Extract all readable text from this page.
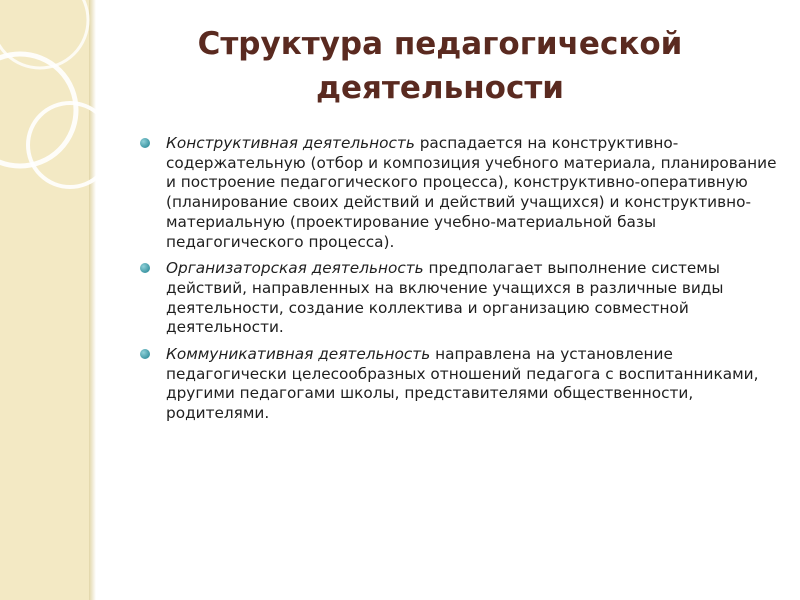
Структура педагогической деятельности
Конструктивная деятельность распадается на конструктивно-содержательную (отбор и композиция учебного материала, планирование и построение педагогического процесса), конструктивно-оперативную (планирование своих действий и действий учащихся) и конструктивно-материальную (проектирование учебно-материальной базы педагогического процесса).
Организаторская деятельность предполагает выполнение системы действий, направленных на включение учащихся в различные виды деятельности, создание коллектива и организацию совместной деятельности.
Коммуникативная деятельность направлена на установление педагогически целесообразных отношений педагога с воспитанниками, другими педагогами школы, представителями общественности, родителями.
